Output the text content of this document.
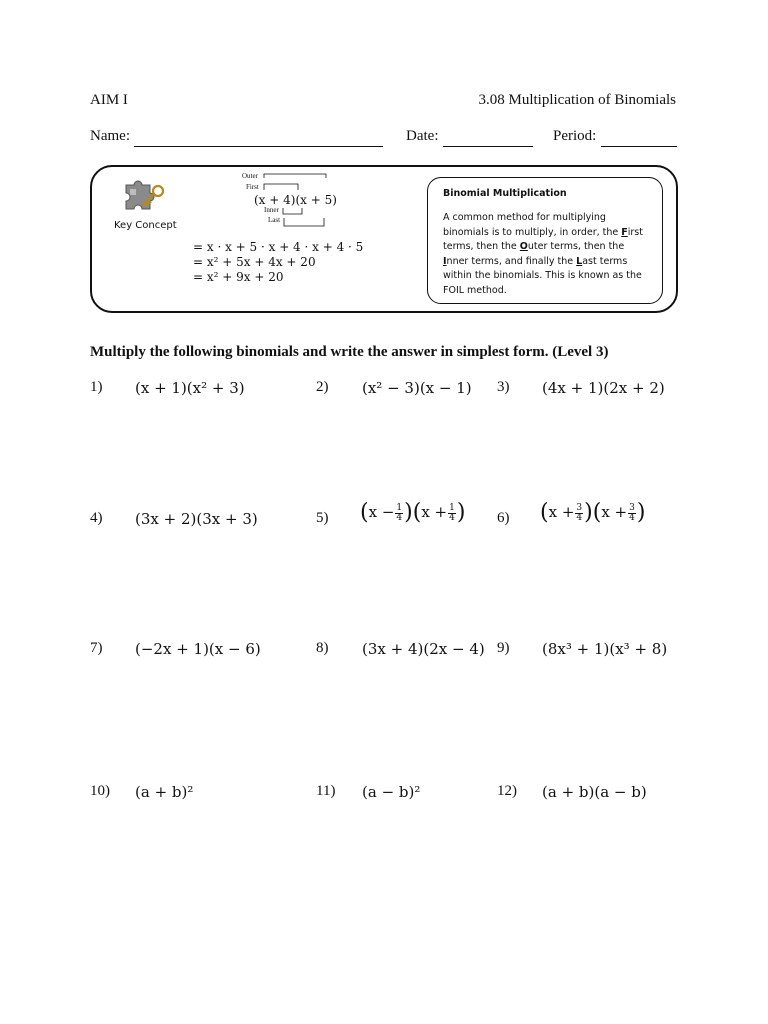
AIM I	3.08 Multiplication of Binomials
Name:	Date:	Period:
Key Concept
Outer
First
(x + 4)(x + 5)
Inner
Last
= x · x + 5 · x + 4 · x + 4 · 5
= x² + 5x + 4x + 20
= x² + 9x + 20
Binomial Multiplication
A common method for multiplying binomials is to multiply, in order, the First terms, then the Outer terms, then the Inner terms, and finally the Last terms within the binomials. This is known as the FOIL method.
Multiply the following binomials and write the answer in simplest form. (Level 3)
1) (x + 1)(x² + 3)	2) (x² − 3)(x − 1) 3) (4x + 1)(2x + 2)
4) (3x + 2)(3x + 3)	5) $(x - \frac{1}{4} )(x + \frac{1}{4}$ ) 6) $(x + \frac{3}{4} )(x + \frac{3}{4}$ )
7) (−2x + 1)(x − 6)	8) (3x + 4)(2x − 4) 9) (8x³ + 1)(x³ + 8)
10) (a + b)²	11) (a − b)²	12) (a + b)(a − b)
